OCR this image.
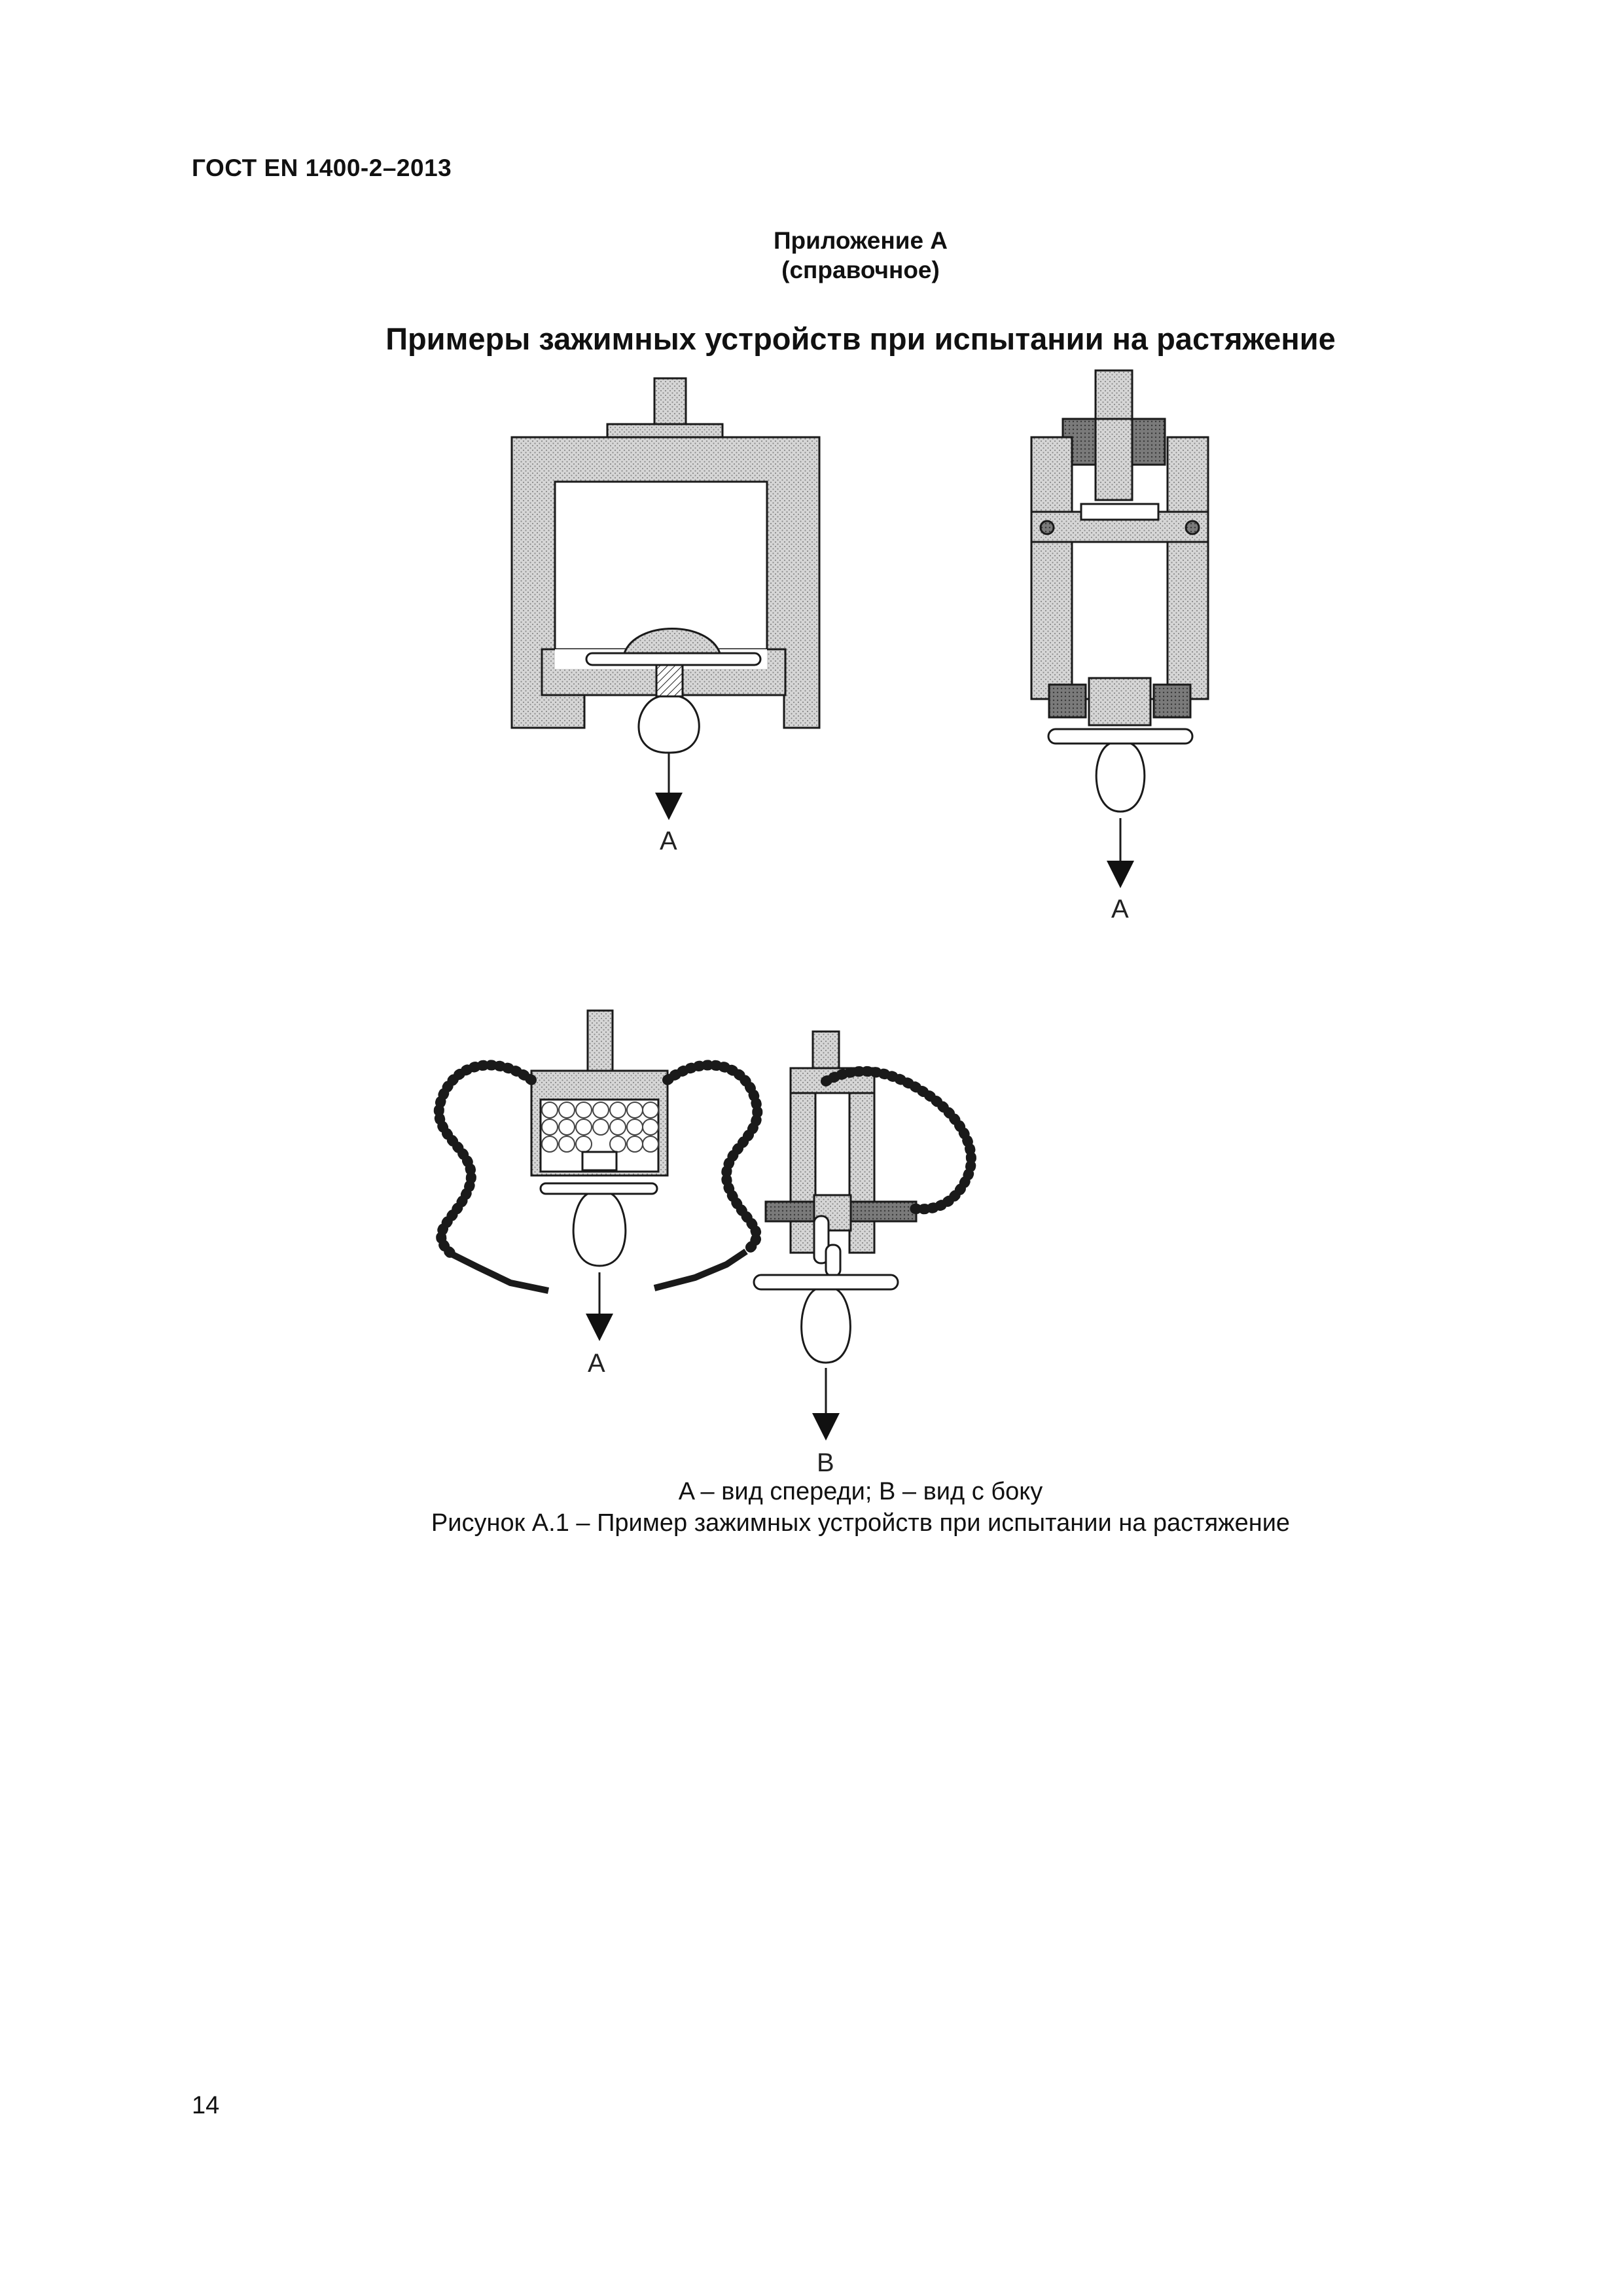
ГОСТ EN 1400-2–2013
Приложение А
(справочное)
Примеры зажимных устройств при испытании на растяжение
A
A
A
B
A – вид спереди; B – вид с боку
Рисунок А.1 – Пример зажимных устройств при испытании на растяжение
14
